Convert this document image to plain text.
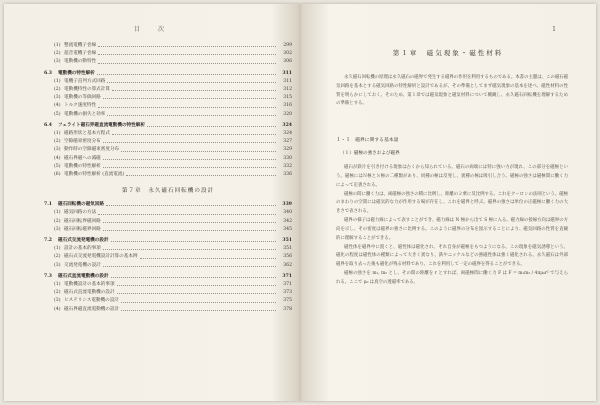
目　次
(1) 整流電機子巻線	299
(2) 超音電機子巻線	302
(3) 電動機の動特性	306
6.3	電動機の特性解析	311
(1) 電機子直列方式回路	311
(2) 電動機特性の算式計算	312
(3) 電動機の等価回路	315
(4) トルク速度特性	316
(5) 電動機の損失と効率	320
6.4	フェライト磁石界磁直流電動機の特性解析	324
(1) 磁路形状と基本方程式	324
(2) 空隙磁束密度分布	327
(3) 動作時の空隙磁束密度分布	329
(4) 磁石界磁への減磁	330
(5) 電動機の特性解析	332
(6) 電動機の特性解析 (直流電流)	336
第７章　永久磁石回転機の設計
7.1	磁石回転機の磁気回路	339
(1) 磁気回路の方法	340
(2) 磁石回転界磁回路	342
(3) 磁石回転磁界回路	345
7.2	磁石式交流発電機の設計	351
(1) 設計の基本的事項	351
(2) 磁石式交流発電機設計計算の基本例	356
(3) 交流発電機の設計	362
7.3	磁石式直流電動機の設計	371
(1) 電動機設計の基本的事項	371
(2) 磁石式直流電動機の設計	373
(3) ヒステリシス電動機の設計	375
(4) 磁石界磁直流電動機の設計	378
1
第１章　磁気現象・磁性材料

永久磁石回転機の原理は永久磁石の磁界で発生する磁界の作用を利用するものである。本書の主題は、この磁石磁気回路を基本とする磁気回路の特性解析と設計であるが、その準備としてまず磁気現象の基本を述べ、磁性材料の性質を明らかにしておく。そのため、第１章では磁気現象と磁気材料について概観し、永久磁石回転機を理解するための準備とする。

１・１　磁界に関する基本量
（１）磁極の強さおよび磁界

磁石が鉄片を引き付ける現象は古くから知られている。磁石の両端には特に強い力が現れ、この部分を磁極という。磁極にはＮ極とＳ極の二種類があり、同種の極は反発し、異種の極は吸引し合う。磁極の強さは磁極間に働く力によって定義される。

磁極の間に働く力は、両磁極の強さの積に比例し、距離の２乗に反比例する。これをクーロンの法則という。磁極のまわりの空間には磁気的な力が作用する場が存在し、これを磁界と呼ぶ。磁界の強さは単位の正磁極に働く力の大きさで表される。

磁界の様子は磁力線によって表すことができ、磁力線は N 極から出て S 極に入る。磁力線の接線方向は磁界の方向を示し、その密度は磁界の強さに比例する。このように磁界の分布を図示することにより、磁気回路の性質を直観的に理解することができる。

磁性体を磁界中に置くと、磁性体は磁化され、それ自身が磁極をもつようになる。この現象を磁気誘導という。磁化の程度は磁性体の種類によって大きく異なり、鉄やニッケルなどの強磁性体は強く磁化される。永久磁石は外部磁界を取り去った後も磁化が残る材料であり、これを利用して一定の磁界を得ることができる。

磁極の強さを m₁, m₂ とし、その間の距離を r とすれば、両磁極間に働く力 F は F = m₁m₂ / 4πμ₀r² で与えられる。ここで μ₀ は真空の透磁率である。
